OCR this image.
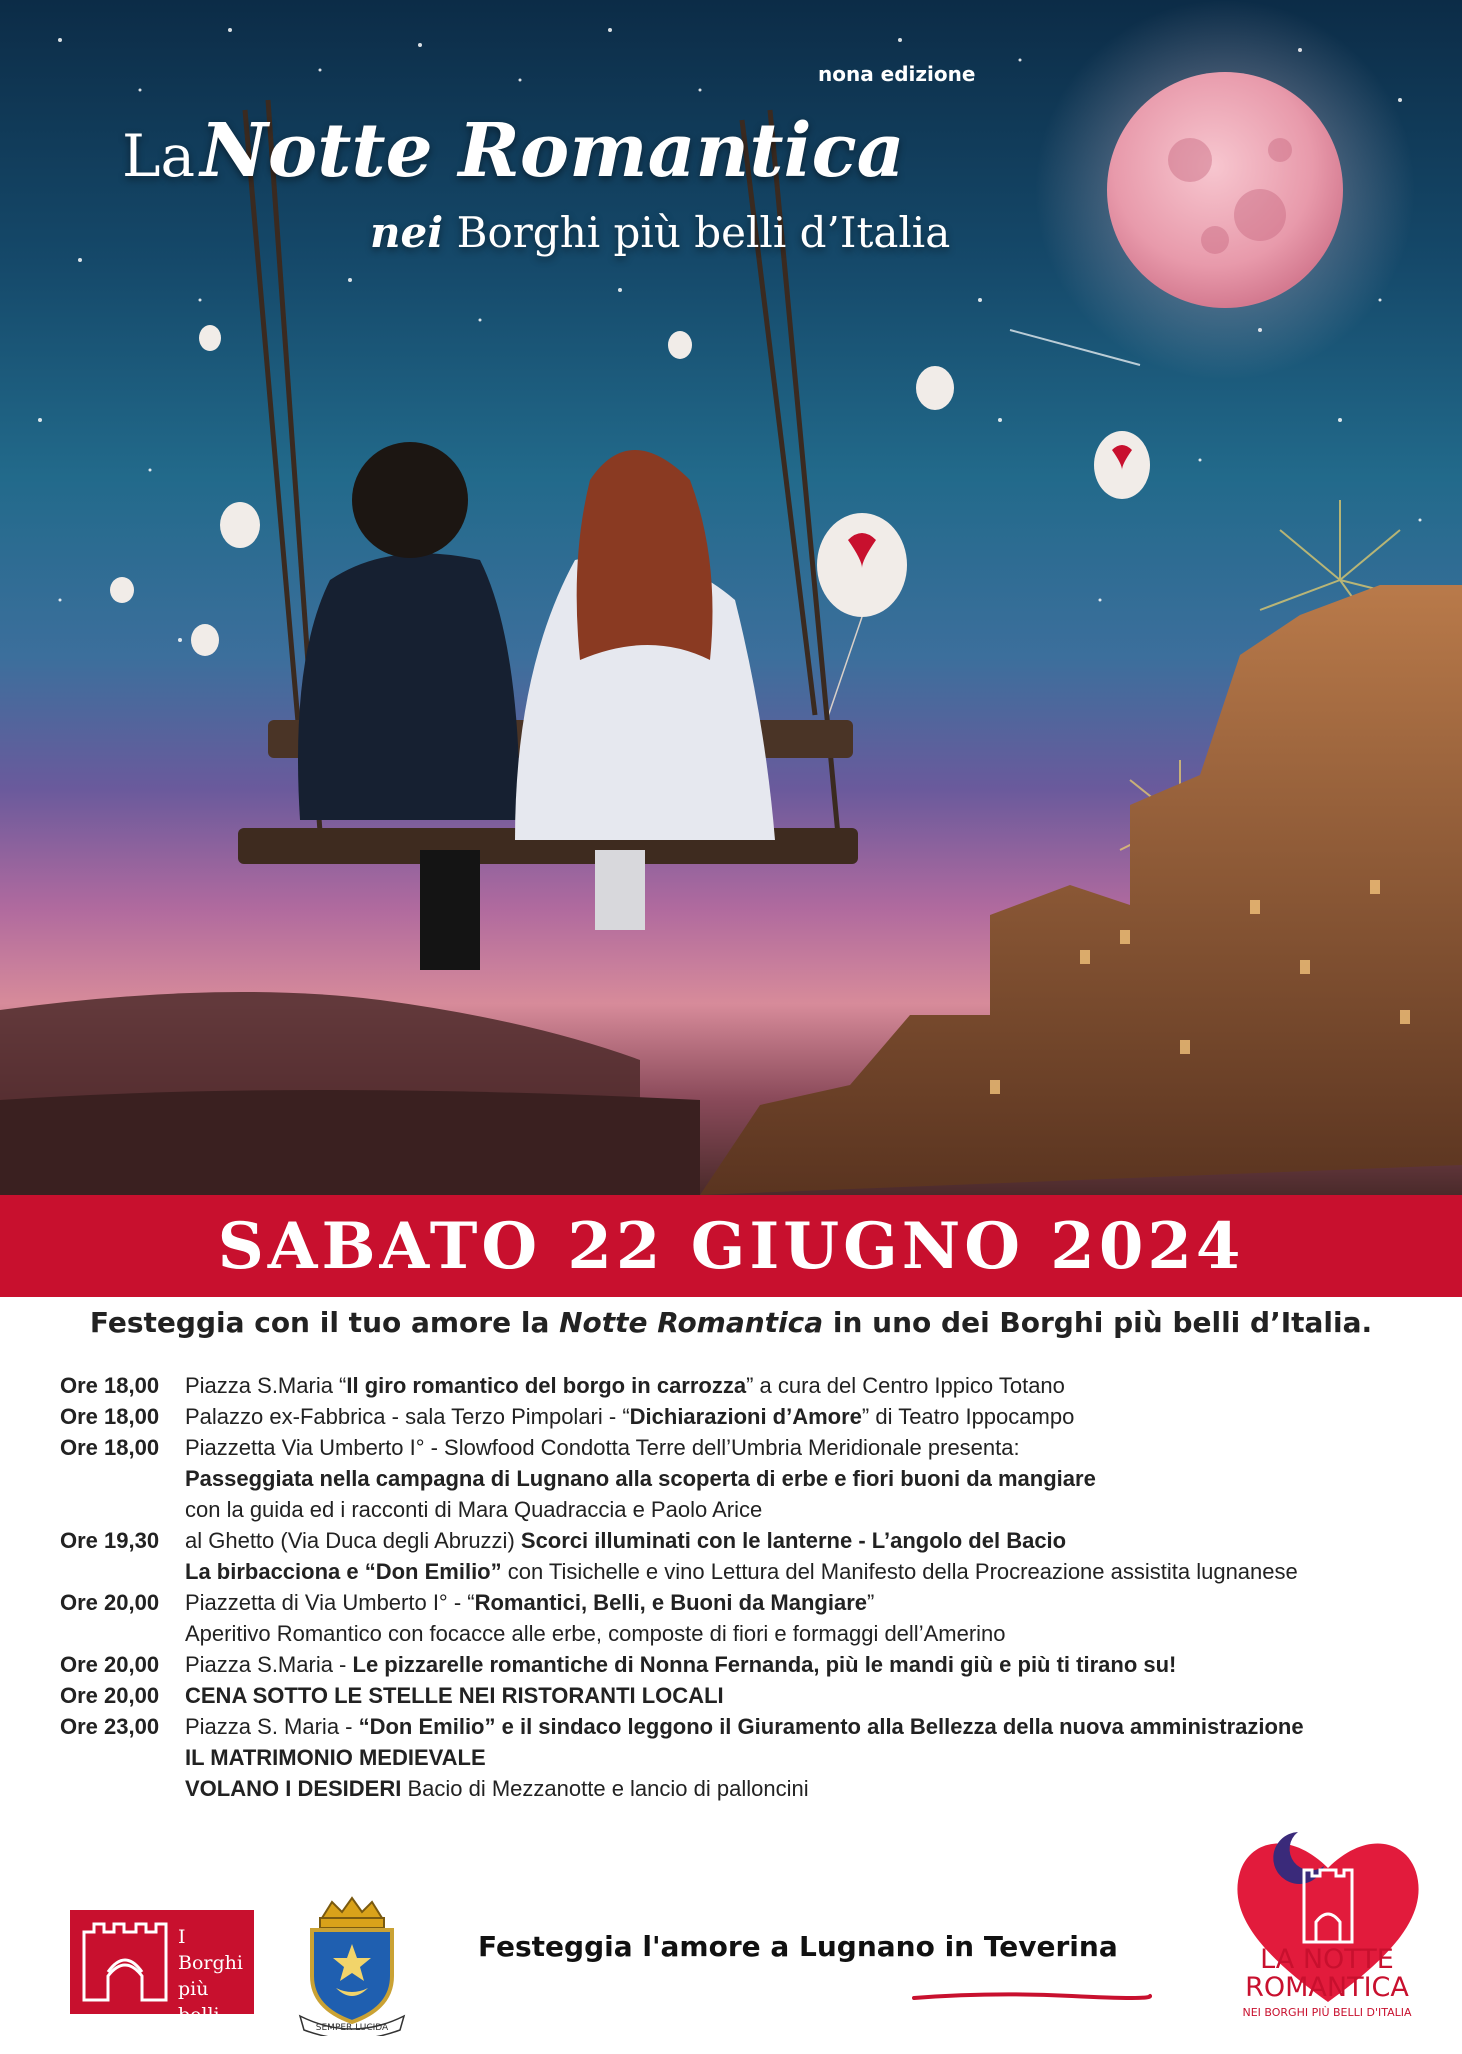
nona edizione
La Notte Romantica
nei Borghi più belli d’Italia
SABATO 22 GIUGNO 2024
Festeggia con il tuo amore la Notte Romantica in uno dei Borghi più belli d’Italia.
Ore 18,00 Piazza S.Maria “Il giro romantico del borgo in carrozza” a cura del Centro Ippico Totano
Ore 18,00 Palazzo ex-Fabbrica - sala Terzo Pimpolari - “Dichiarazioni d’Amore” di Teatro Ippocampo
Ore 18,00 Piazzetta Via Umberto I° - Slowfood Condotta Terre dell’Umbria Meridionale presenta:
Passeggiata nella campagna di Lugnano alla scoperta di erbe e fiori buoni da mangiare
con la guida ed i racconti di Mara Quadraccia e Paolo Arice
Ore 19,30 al Ghetto (Via Duca degli Abruzzi) Scorci illuminati con le lanterne - L’angolo del Bacio
La birbacciona e “Don Emilio” con Tisichelle e vino Lettura del Manifesto della Procreazione assistita lugnanese
Ore 20,00 Piazzetta di Via Umberto I° - “Romantici, Belli, e Buoni da Mangiare”
Aperitivo Romantico con focacce alle erbe, composte di fiori e formaggi dell’Amerino
Ore 20,00 Piazza S.Maria - Le pizzarelle romantiche di Nonna Fernanda, più le mandi giù e più ti tirano su!
Ore 20,00 CENA SOTTO LE STELLE NEI RISTORANTI LOCALI
Ore 23,00 Piazza S. Maria - “Don Emilio” e il sindaco leggono il Giuramento alla Bellezza della nuova amministrazione
IL MATRIMONIO MEDIEVALE
VOLANO I DESIDERI Bacio di Mezzanotte e lancio di palloncini
I Borghi
più belli
d’Italia
SEMPER LUCIDA
Festeggia l'amore a Lugnano in Teverina	LA NOTTE
ROMANTICA
NEI BORGHI PIÙ BELLI D'ITALIA
